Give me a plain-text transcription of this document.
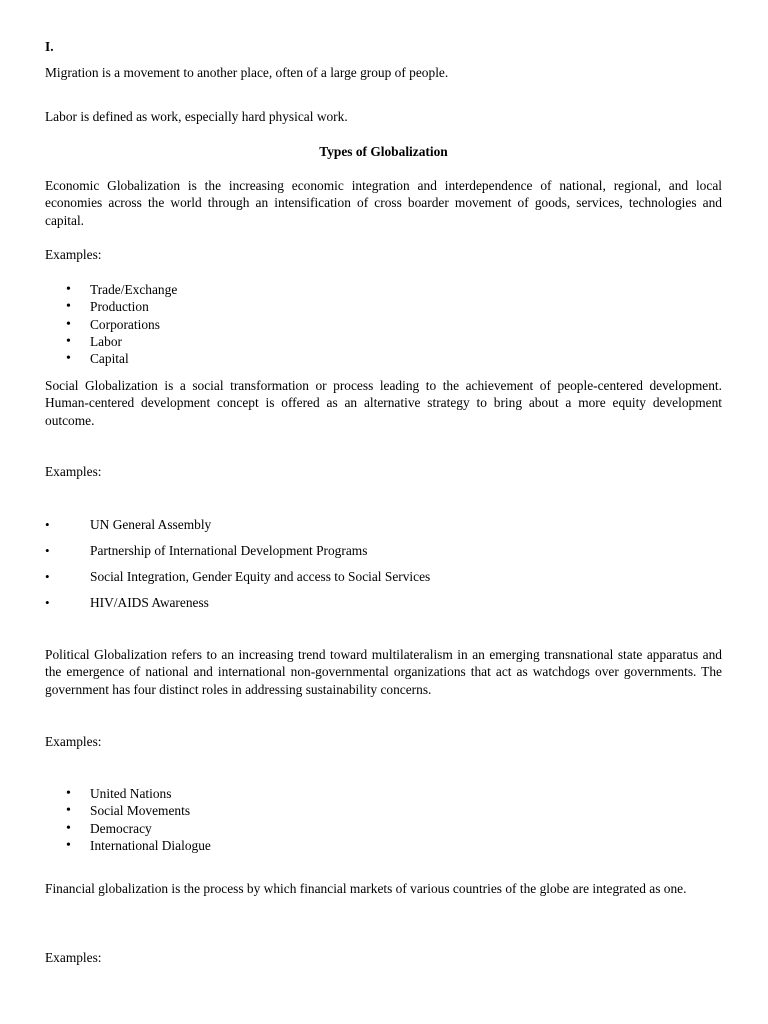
I.

Migration is a movement to another place, often of a large group of people.

Labor is defined as work, especially hard physical work.

Types of Globalization

Economic Globalization is the increasing economic integration and interdependence of national, regional, and local economies across the world through an intensification of cross boarder movement of goods, services, technologies and capital.

Examples:

• Trade/Exchange
• Production
• Corporations
• Labor
• Capital

Social Globalization is a social transformation or process leading to the achievement of people-centered development. Human-centered development concept is offered as an alternative strategy to bring about a more equity development outcome.

Examples:

• UN General Assembly
• Partnership of International Development Programs
• Social Integration, Gender Equity and access to Social Services
• HIV/AIDS Awareness

Political Globalization refers to an increasing trend toward multilateralism in an emerging transnational state apparatus and the emergence of national and international non-governmental organizations that act as watchdogs over governments. The government has four distinct roles in addressing sustainability concerns.

Examples:

• United Nations
• Social Movements
• Democracy
• International Dialogue

Financial globalization is the process by which financial markets of various countries of the globe are integrated as one.

Examples:
